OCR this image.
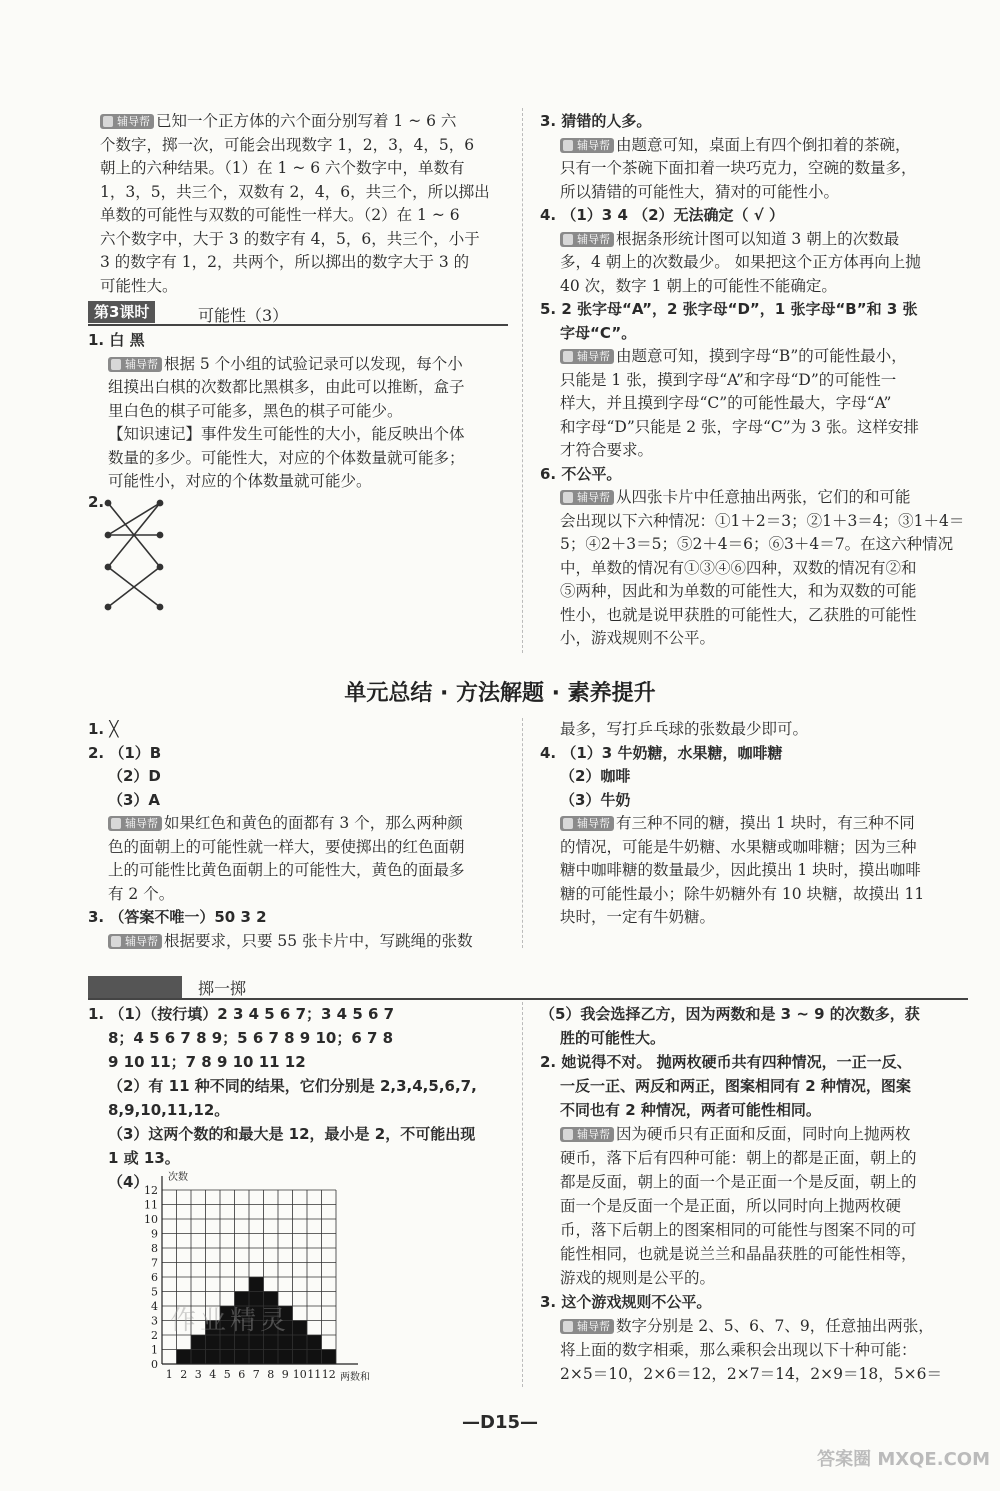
辅导帮 已知一个正方体的六个面分别写着 1 ~ 6 六
个数字，掷一次，可能会出现数字 1，2，3，4，5，6
朝上的六种结果。（1）在 1 ~ 6 六个数字中，单数有
1，3，5，共三个，双数有 2，4，6，共三个，所以掷出
单数的可能性与双数的可能性一样大。（2）在 1 ~ 6
六个数字中，大于 3 的数字有 4，5，6，共三个，小于
3 的数字有 1，2，共两个，所以掷出的数字大于 3 的
可能性大。
第3课时	可能性（3）
1. 白 黑
辅导帮 根据 5 个小组的试验记录可以发现，每个小
组摸出白棋的次数都比黑棋多，由此可以推断，盒子
里白色的棋子可能多，黑色的棋子可能少。
【知识速记】事件发生可能性的大小，能反映出个体
数量的多少。可能性大，对应的个体数量就可能多；
可能性小，对应的个体数量就可能少。
2.
3. 猜错的人多。
辅导帮 由题意可知，桌面上有四个倒扣着的茶碗，
只有一个茶碗下面扣着一块巧克力，空碗的数量多，
所以猜错的可能性大，猜对的可能性小。
4. （1）3 4 （2）无法确定（ √ ）
辅导帮 根据条形统计图可以知道 3 朝上的次数最
多，4 朝上的次数最少。 如果把这个正方体再向上抛
40 次，数字 1 朝上的可能性不能确定。
5. 2 张字母“A”，2 张字母“D”，1 张字母“B”和 3 张
字母“C”。
辅导帮 由题意可知，摸到字母“B”的可能性最小，
只能是 1 张，摸到字母“A”和字母“D”的可能性一
样大，并且摸到字母“C”的可能性最大，字母“A”
和字母“D”只能是 2 张，字母“C”为 3 张。这样安排
才符合要求。
6. 不公平。
辅导帮 从四张卡片中任意抽出两张，它们的和可能
会出现以下六种情况：①1＋2＝3；②1＋3＝4；③1＋4＝
5；④2＋3＝5；⑤2＋4＝6；⑥3＋4＝7。在这六种情况
中，单数的情况有①③④⑥四种，双数的情况有②和
⑤两种，因此和为单数的可能性大，和为双数的可能
性小，也就是说甲获胜的可能性大，乙获胜的可能性
小，游戏规则不公平。
单元总结 · 方法解题 · 素养提升
1. ╳
2. （1）B
（2）D
（3）A
辅导帮 如果红色和黄色的面都有 3 个，那么两种颜
色的面朝上的可能性就一样大，要使掷出的红色面朝
上的可能性比黄色面朝上的可能性大，黄色的面最多
有 2 个。
3. （答案不唯一）50 3 2
辅导帮 根据要求，只要 55 张卡片中，写跳绳的张数
最多，写打乒乓球的张数最少即可。
4. （1）3 牛奶糖，水果糖，咖啡糖
（2）咖啡
（3）牛奶
辅导帮 有三种不同的糖，摸出 1 块时，有三种不同
的情况，可能是牛奶糖、水果糖或咖啡糖；因为三种
糖中咖啡糖的数量最少，因此摸出 1 块时，摸出咖啡
糖的可能性最小；除牛奶糖外有 10 块糖，故摸出 11
块时，一定有牛奶糖。
掷一掷
1. （1）（按行填）2 3 4 5 6 7；3 4 5 6 7
8；4 5 6 7 8 9；5 6 7 8 9 10；6 7 8
9 10 11；7 8 9 10 11 12
（2）有 11 种不同的结果，它们分别是 2,3,4,5,6,7,
8,9,10,11,12。
（3）这两个数的和最大是 12，最小是 2，不可能出现
1 或 13。
（4）
1 2 3 4 5 6 7 8 9 10 11 12
0
1
2
3
4
5
6
7
8
9
10
11
12
次数
两数和
（5）我会选择乙方，因为两数和是 3 ~ 9 的次数多，获
胜的可能性大。
2. 她说得不对。 抛两枚硬币共有四种情况，一正一反、
一反一正、两反和两正，图案相同有 2 种情况，图案
不同也有 2 种情况，两者可能性相同。
辅导帮 因为硬币只有正面和反面，同时向上抛两枚
硬币，落下后有四种可能：朝上的都是正面，朝上的
都是反面，朝上的面一个是正面一个是反面，朝上的
面一个是反面一个是正面，所以同时向上抛两枚硬
币，落下后朝上的图案相同的可能性与图案不同的可
能性相同，也就是说兰兰和晶晶获胜的可能性相等，
游戏的规则是公平的。
3. 这个游戏规则不公平。
辅导帮 数字分别是 2、5、6、7、9，任意抽出两张，
将上面的数字相乘，那么乘积会出现以下十种可能：
2×5＝10，2×6＝12，2×7＝14，2×9＝18，5×6＝
—D15—
作业精灵
答案圈 MXQE.COM
